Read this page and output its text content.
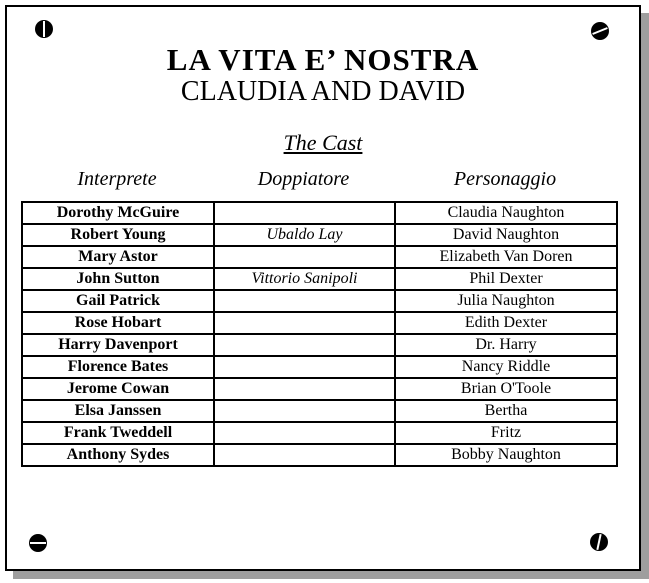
LA VITA E’ NOSTRA
CLAUDIA AND DAVID
The Cast
Interprete	Doppiatore	Personaggio
Dorothy McGuire		Claudia Naughton
Robert Young	Ubaldo Lay	David Naughton
Mary Astor		Elizabeth Van Doren
John Sutton	Vittorio Sanipoli	Phil Dexter
Gail Patrick		Julia Naughton
Rose Hobart		Edith Dexter
Harry Davenport		Dr. Harry
Florence Bates		Nancy Riddle
Jerome Cowan		Brian O'Toole
Elsa Janssen		Bertha
Frank Tweddell		Fritz
Anthony Sydes		Bobby Naughton
